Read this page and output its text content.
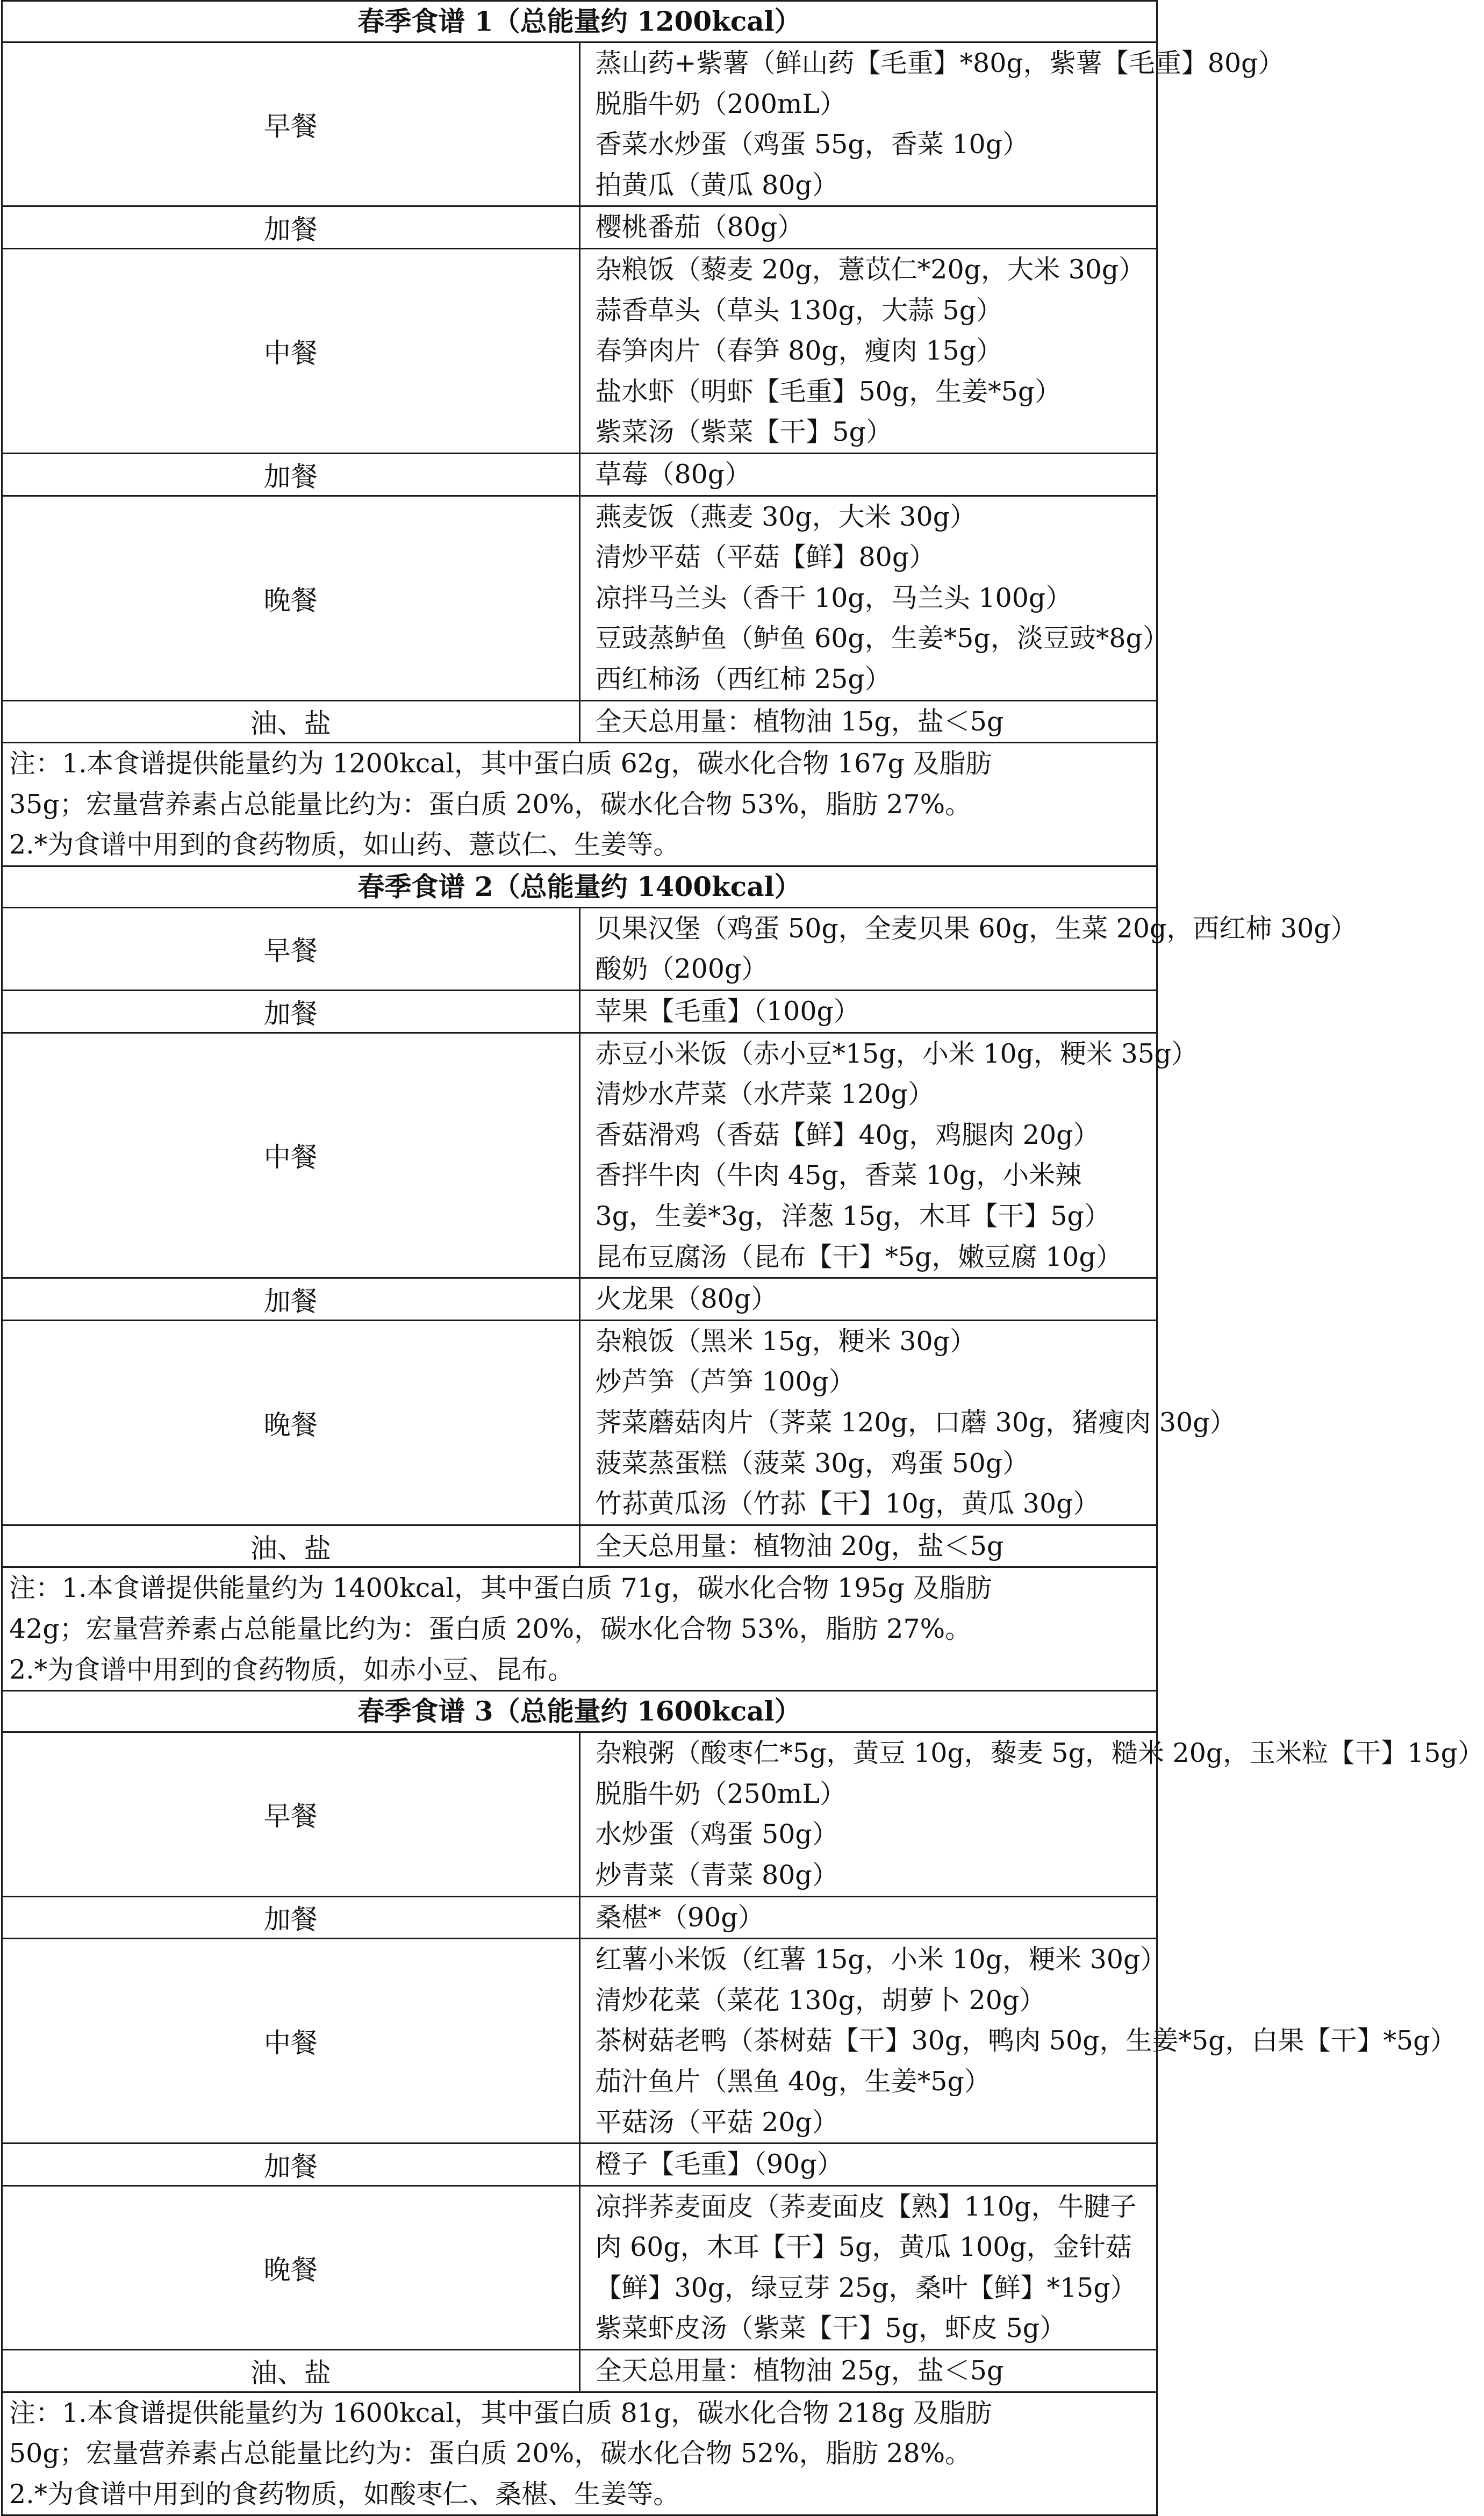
春季食谱 1（总能量约 1200kcal）	
早餐	蒸山药+紫薯（鲜山药【毛重】*80g，紫薯【毛重】80g）
脱脂牛奶（200mL）
香菜水炒蛋（鸡蛋 55g，香菜 10g）
拍黄瓜（黄瓜 80g）

加餐	樱桃番茄（80g）

中餐	杂粮饭（藜麦 20g，薏苡仁*20g，大米 30g）
蒜香草头（草头 130g，大蒜 5g）
春笋肉片（春笋 80g，瘦肉 15g）
盐水虾（明虾【毛重】50g，生姜*5g）
紫菜汤（紫菜【干】5g）

加餐	草莓（80g）

晚餐	燕麦饭（燕麦 30g，大米 30g）
清炒平菇（平菇【鲜】80g）
凉拌马兰头（香干 10g，马兰头 100g）
豆豉蒸鲈鱼（鲈鱼 60g，生姜*5g，淡豆豉*8g）
西红柿汤（西红柿 25g）

油、盐	全天总用量：植物油 15g，盐＜5g

注：1.本食谱提供能量约为 1200kcal，其中蛋白质 62g，碳水化合物 167g 及脂肪
35g；宏量营养素占总能量比约为：蛋白质 20%，碳水化合物 53%，脂肪 27%。
2.*为食谱中用到的食药物质，如山药、薏苡仁、生姜等。	

春季食谱 2（总能量约 1400kcal）	
早餐	贝果汉堡（鸡蛋 50g，全麦贝果 60g，生菜 20g，西红柿 30g）
酸奶（200g）

加餐	苹果【毛重】（100g）

中餐	赤豆小米饭（赤小豆*15g，小米 10g，粳米 35g）
清炒水芹菜（水芹菜 120g）
香菇滑鸡（香菇【鲜】40g，鸡腿肉 20g）
香拌牛肉（牛肉 45g，香菜 10g，小米辣 3g，生姜*3g，洋葱 15g，木耳【干】5g）
昆布豆腐汤（昆布【干】*5g，嫩豆腐 10g）

加餐	火龙果（80g）

晚餐	杂粮饭（黑米 15g，粳米 30g）
炒芦笋（芦笋 100g）
荠菜蘑菇肉片（荠菜 120g，口蘑 30g，猪瘦肉 30g）
菠菜蒸蛋糕（菠菜 30g，鸡蛋 50g）
竹荪黄瓜汤（竹荪【干】10g，黄瓜 30g）

油、盐	全天总用量：植物油 20g，盐＜5g

注：1.本食谱提供能量约为 1400kcal，其中蛋白质 71g，碳水化合物 195g 及脂肪
42g；宏量营养素占总能量比约为：蛋白质 20%，碳水化合物 53%，脂肪 27%。
2.*为食谱中用到的食药物质，如赤小豆、昆布。	

春季食谱 3（总能量约 1600kcal）	
早餐	杂粮粥（酸枣仁*5g，黄豆 10g，藜麦 5g，糙米 20g，玉米粒【干】15g）
脱脂牛奶（250mL）
水炒蛋（鸡蛋 50g）
炒青菜（青菜 80g）

加餐	桑椹*（90g）

中餐	红薯小米饭（红薯 15g，小米 10g，粳米 30g）
清炒花菜（菜花 130g，胡萝卜 20g）
茶树菇老鸭（茶树菇【干】30g，鸭肉 50g，生姜*5g，白果【干】*5g）
茄汁鱼片（黑鱼 40g，生姜*5g）
平菇汤（平菇 20g）

加餐	橙子【毛重】（90g）

晚餐	凉拌荞麦面皮（荞麦面皮【熟】110g，牛腱子肉 60g，木耳【干】5g，黄瓜 100g，金针菇【鲜】30g，绿豆芽 25g，桑叶【鲜】*15g）
紫菜虾皮汤（紫菜【干】5g，虾皮 5g）

油、盐	全天总用量：植物油 25g，盐＜5g

注：1.本食谱提供能量约为 1600kcal，其中蛋白质 81g，碳水化合物 218g 及脂肪
50g；宏量营养素占总能量比约为：蛋白质 20%，碳水化合物 52%，脂肪 28%。
2.*为食谱中用到的食药物质，如酸枣仁、桑椹、生姜等。	
